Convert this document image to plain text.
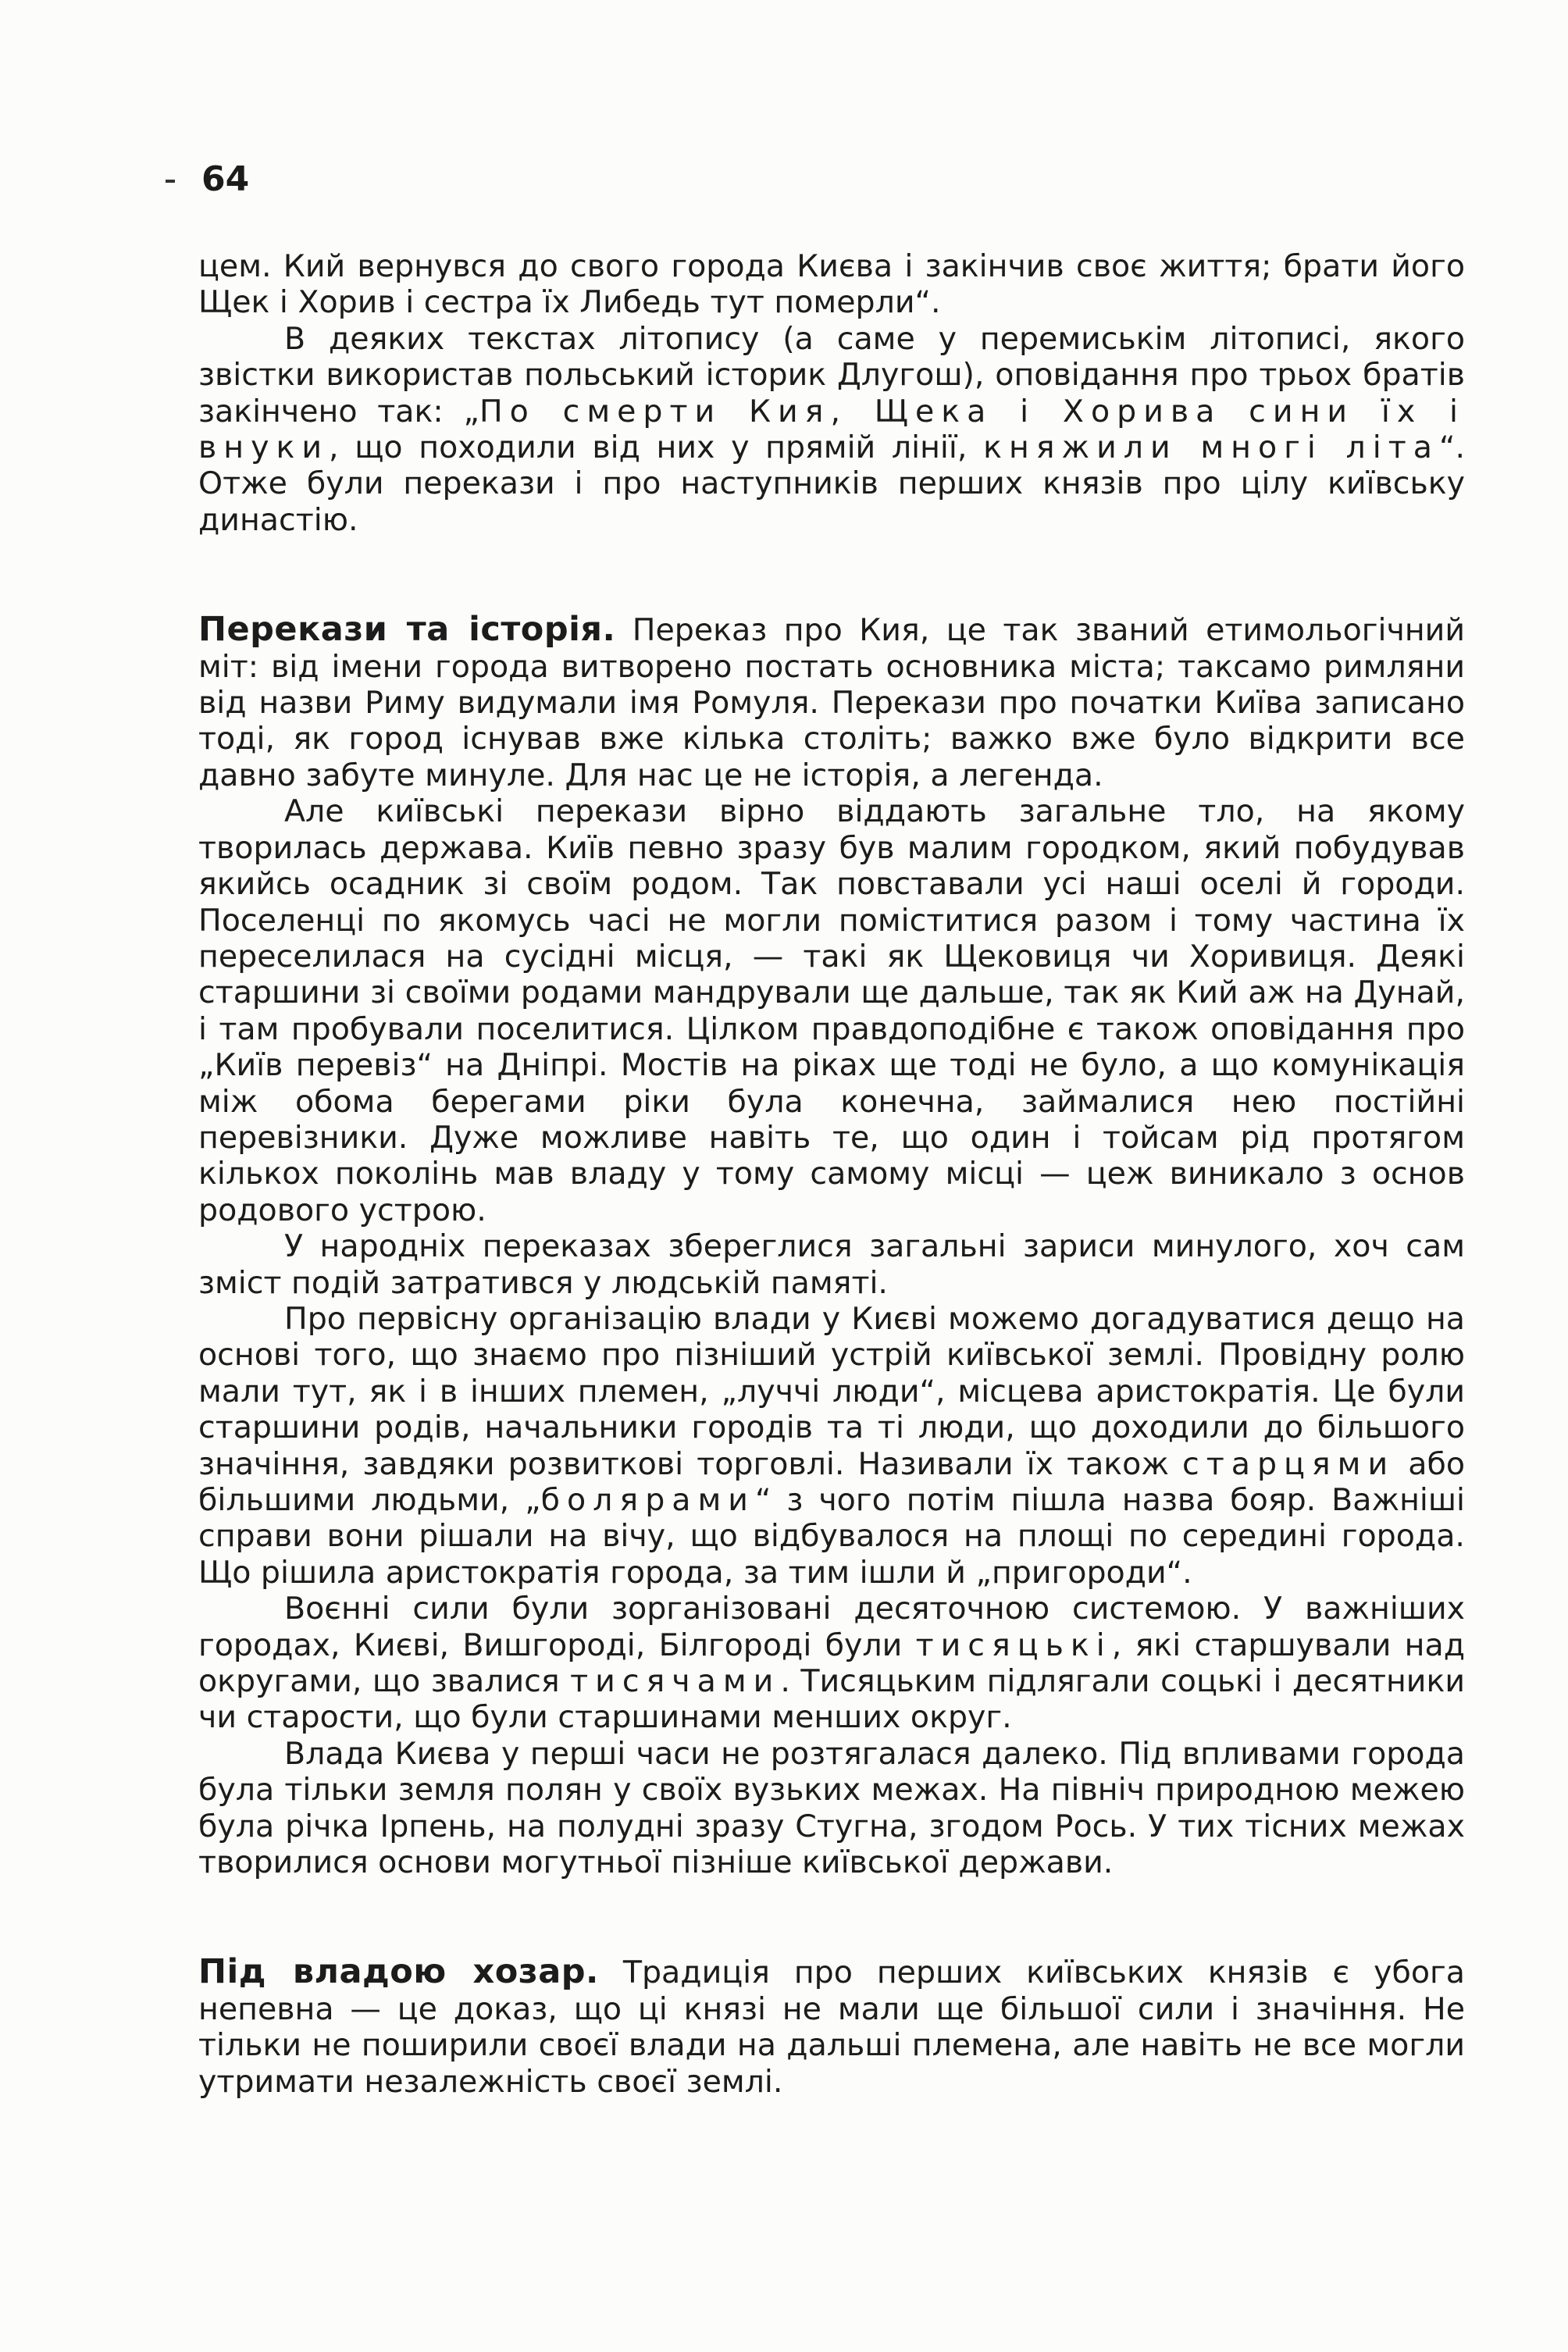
64

цем. Кий вернувся до свого города Києва і закінчив своє життя; брати його Щек і Хорив і сестра їх Либедь тут померли“.

В деяких текстах літопису (а саме у перемиськім літописі, якого звістки використав польський історик Длугош), оповідання про трьох братів закінчено так: „По смерти Кия, Щека і Хорива сини їх і внуки, що походили від них у прямій лінії, княжили многі літа“. Отже були перекази і про наступників перших князів про цілу київську династію.

Перекази та історія. Переказ про Кия, це так званий етимольогічний міт: від імени города витворено постать основника міста; таксамо римляни від назви Риму видумали імя Ромуля. Перекази про початки Київа записано тоді, як город існував вже кілька століть; важко вже було відкрити все давно забуте минуле. Для нас це не історія, а легенда.

Але київські перекази вірно віддають загальне тло, на якому творилась держава. Київ певно зразу був малим городком, який побудував якийсь осадник зі своїм родом. Так повставали усі наші оселі й городи. Поселенці по якомусь часі не могли поміститися разом і тому частина їх переселилася на сусідні місця, — такі як Щековиця чи Хоривиця. Деякі старшини зі своїми родами мандрували ще дальше, так як Кий аж на Дунай, і там пробували поселитися. Цілком правдоподібне є також оповідання про „Київ перевіз“ на Дніпрі. Мостів на ріках ще тоді не було, а що комунікація між обома берегами ріки була конечна, займалися нею постійні перевізники. Дуже можливе навіть те, що один і тойсам рід протягом кількох поколінь мав владу у тому самому місці — цеж виникало з основ родового устрою.

У народніх переказах збереглися загальні зариси минулого, хоч сам зміст подій затратився у людській памяті.

Про первісну організацію влади у Києві можемо догадуватися дещо на основі того, що знаємо про пізніший устрій київської землі. Провідну ролю мали тут, як і в інших племен, „луччі люди“, місцева аристократія. Це були старшини родів, начальники городів та ті люди, що доходили до більшого значіння, завдяки розвиткові торговлі. Називали їх також старцями або більшими людьми, „болярами“ з чого потім пішла назва бояр. Важніші справи вони рішали на вічу, що відбувалося на площі по середині города. Що рішила аристократія города, за тим ішли й „пригороди“.

Воєнні сили були зорганізовані десяточною системою. У важніших городах, Києві, Вишгороді, Білгороді були тисяцькі, які старшували над округами, що звалися тисячами. Тисяцьким підлягали соцькі і десятники чи старости, що були старшинами менших округ.

Влада Києва у перші часи не розтягалася далеко. Під впливами города була тільки земля полян у своїх вузьких межах. На північ природною межею була річка Ірпень, на полудні зразу Стугна, згодом Рось. У тих тісних межах творилися основи могутньої пізніше київської держави.

Під владою хозар. Традиція про перших київських князів є убога непевна — це доказ, що ці князі не мали ще більшої сили і значіння. Не тільки не поширили своєї влади на дальші племена, але навіть не все могли утримати незалежність своєї землі.
